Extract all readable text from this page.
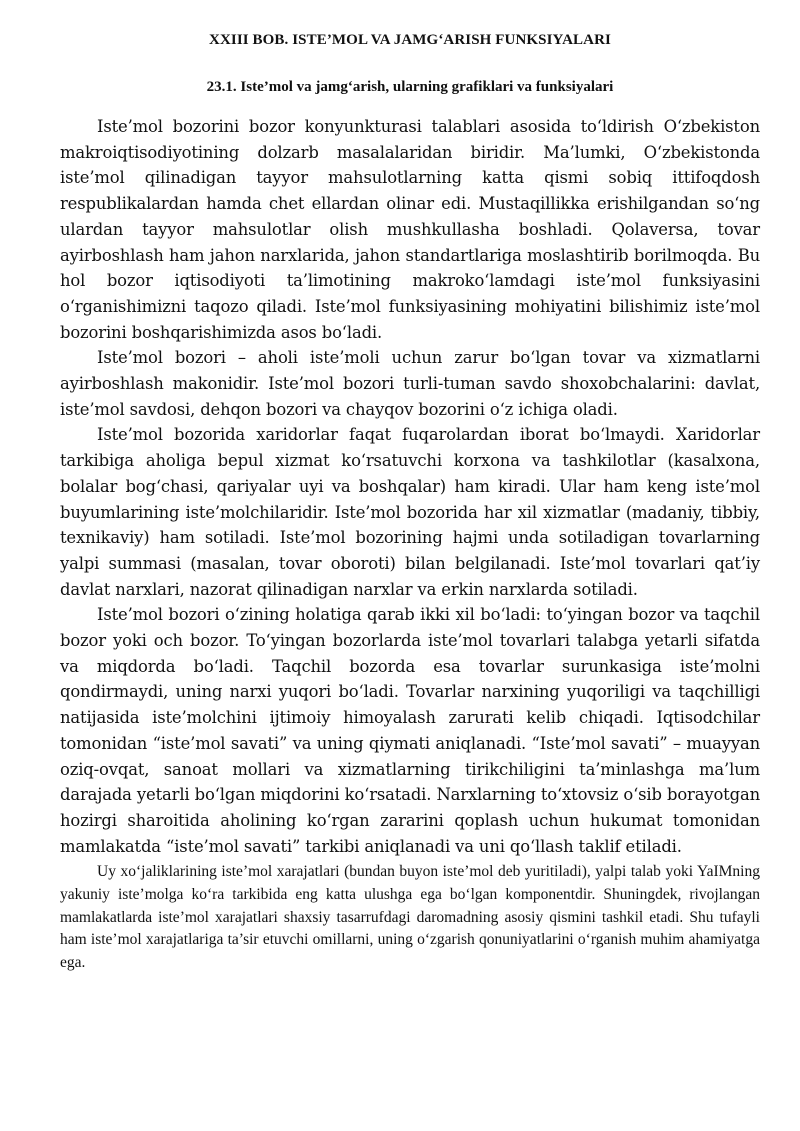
XXIII BOB. ISTE’MOL VA JAMG‘ARISH FUNKSIYALARI
23.1. Iste’mol va jamg‘arish, ularning grafiklari va funksiyalari

Iste’mol bozorini bozor konyunkturasi talablari asosida to‘ldirish O‘zbekiston makroiqtisodiyotining dolzarb masalalaridan biridir. Ma’lumki, O‘zbekistonda iste’mol qilinadigan tayyor mahsulotlarning katta qismi sobiq ittifoqdosh respublikalardan hamda chet ellardan olinar edi. Mustaqillikka erishilgandan so‘ng ulardan tayyor mahsulotlar olish mushkullasha boshladi. Qolaversa, tovar ayirboshlash ham jahon narxlarida, jahon standartlariga moslashtirib borilmoqda. Bu hol bozor iqtisodiyoti ta’limotining makroko‘lamdagi iste’mol funksiyasini o‘rganishimizni taqozo qiladi. Iste’mol funksiyasining mohiyatini bilishimiz iste’mol bozorini boshqarishimizda asos bo‘ladi.

Iste’mol bozori – aholi iste’moli uchun zarur bo‘lgan tovar va xizmatlarni ayirboshlash makonidir. Iste’mol bozori turli-tuman savdo shoxobchalarini: davlat, iste’mol savdosi, dehqon bozori va chayqov bozorini o‘z ichiga oladi.

Iste’mol bozorida xaridorlar faqat fuqarolardan iborat bo‘lmaydi. Xaridorlar tarkibiga aholiga bepul xizmat ko‘rsatuvchi korxona va tashkilotlar (kasalxona, bolalar bog‘chasi, qariyalar uyi va boshqalar) ham kiradi. Ular ham keng iste’mol buyumlarining iste’molchilaridir. Iste’mol bozorida har xil xizmatlar (madaniy, tibbiy, texnikaviy) ham sotiladi. Iste’mol bozorining hajmi unda sotiladigan tovarlarning yalpi summasi (masalan, tovar oboroti) bilan belgilanadi. Iste’mol tovarlari qat’iy davlat narxlari, nazorat qilinadigan narxlar va erkin narxlarda sotiladi.

Iste’mol bozori o‘zining holatiga qarab ikki xil bo‘ladi: to‘yingan bozor va taqchil bozor yoki och bozor. To‘yingan bozorlarda iste’mol tovarlari talabga yetarli sifatda va miqdorda bo‘ladi. Taqchil bozorda esa tovarlar surunkasiga iste’molni qondirmaydi, uning narxi yuqori bo‘ladi. Tovarlar narxining yuqoriligi va taqchilligi natijasida iste’molchini ijtimoiy himoyalash zarurati kelib chiqadi. Iqtisodchilar tomonidan “iste’mol savati” va uning qiymati aniqlanadi. “Iste’mol savati” – muayyan oziq-ovqat, sanoat mollari va xizmatlarning tirikchiligini ta’minlashga ma’lum darajada yetarli bo‘lgan miqdorini ko‘rsatadi. Narxlarning to‘xtovsiz o‘sib borayotgan hozirgi sharoitida aholining ko‘rgan zararini qoplash uchun hukumat tomonidan mamlakatda “iste’mol savati” tarkibi aniqlanadi va uni qo‘llash taklif etiladi.

Uy xo‘jaliklarining iste’mol xarajatlari (bundan buyon iste’mol deb yuritiladi), yalpi talab yoki YaIMning yakuniy iste’molga ko‘ra tarkibida eng katta ulushga ega bo‘lgan komponentdir. Shuningdek, rivojlangan mamlakatlarda iste’mol xarajatlari shaxsiy tasarrufdagi daromadning asosiy qismini tashkil etadi. Shu tufayli ham iste’mol xarajatlariga ta’sir etuvchi omillarni, uning o‘zgarish qonuniyatlarini o‘rganish muhim ahamiyatga ega.
